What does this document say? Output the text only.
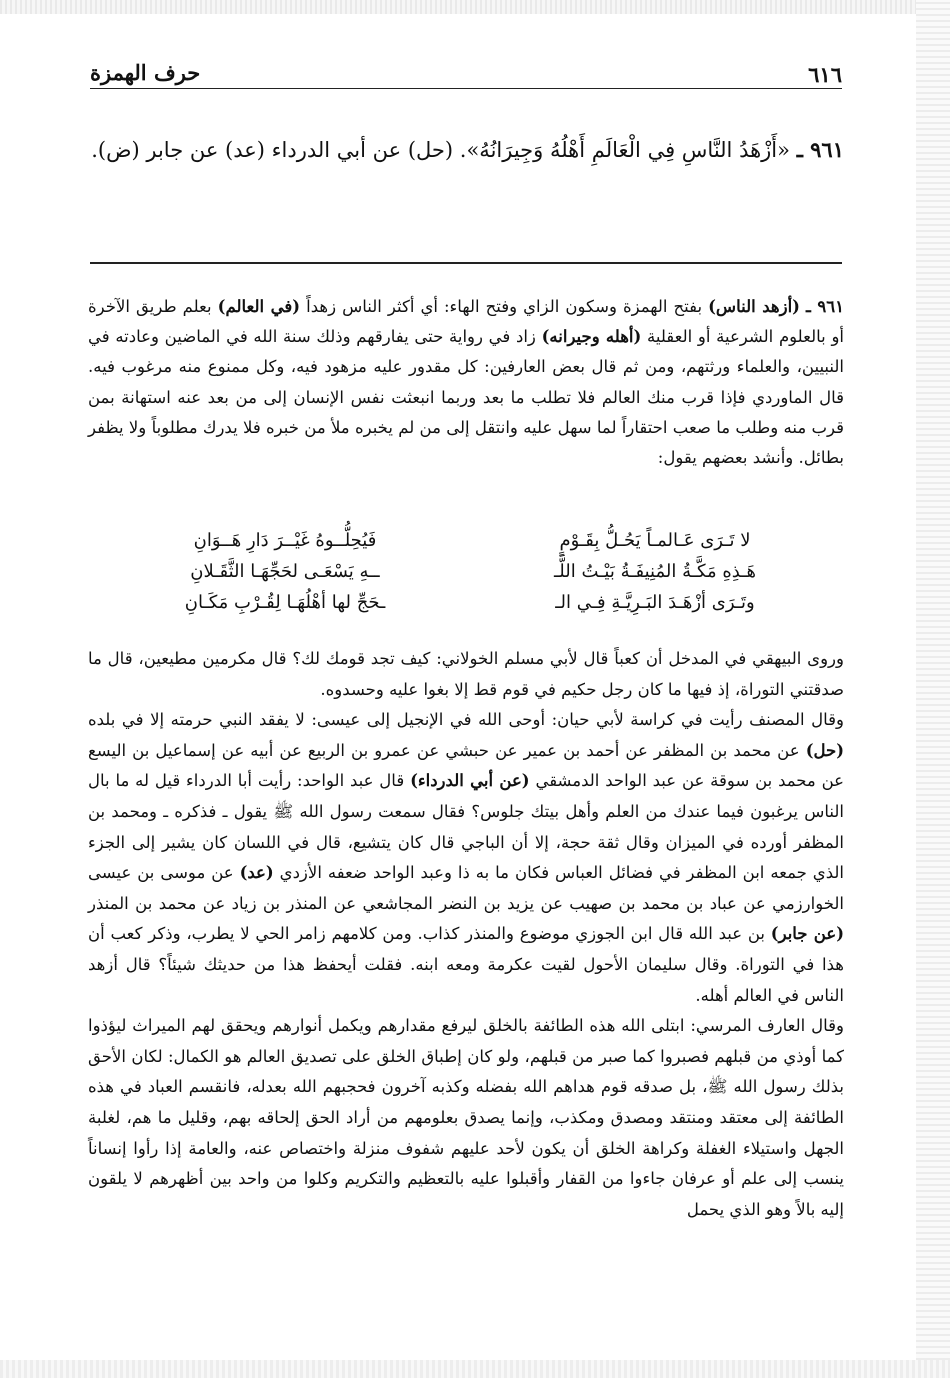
٦١٦
حرف الهمزة
٩٦١ ـ «أَزْهَدُ النَّاسِ فِي الْعَالَمِ أَهْلُهُ وَجِيرَانُهُ». (حل) عن أبي الدرداء (عد) عن جابر (ض).

٩٦١ ـ (أزهد الناس) بفتح الهمزة وسكون الزاي وفتح الهاء: أي أكثر الناس زهداً (في العالم) بعلم طريق الآخرة أو بالعلوم الشرعية أو العقلية (أهله وجيرانه) زاد في رواية حتى يفارقهم وذلك سنة الله في الماضين وعادته في النبيين، والعلماء ورثتهم، ومن ثم قال بعض العارفين: كل مقدور عليه مزهود فيه، وكل ممنوع منه مرغوب فيه. قال الماوردي فإذا قرب منك العالم فلا تطلب ما بعد وربما انبعثت نفس الإنسان إلى من بعد عنه استهانة بمن قرب منه وطلب ما صعب احتقاراً لما سهل عليه وانتقل إلى من لم يخبره ملأ من خبره فلا يدرك مطلوباً ولا يظفر بطائل. وأنشد بعضهم يقول:

لا تَـرَى عَـالمـاً يَحُـلُّ بِقَـوْمٍ
فَيُحِلُّــوهُ غَيْــرَ دَارِ هَــوَانِ
هَـذِهِ مَكَّـةُ المُنِيفَـةُ بَيْـتُ اللَّـ
ــهِ يَسْعَـى لحَجِّهَـا الثَّقَـلانِ
وتَـرَى أزْهَـدَ البَـرِيَّـةِ فِـي الـ
ـحَجِّ لها أهْلُهَـا لِقُـرْبِ مَكَـانِ

وروى البيهقي في المدخل أن كعباً قال لأبي مسلم الخولاني: كيف تجد قومك لك؟ قال مكرمين مطيعين، قال ما صدقتني التوراة، إذ فيها ما كان رجل حكيم في قوم قط إلا بغوا عليه وحسدوه.

وقال المصنف رأيت في كراسة لأبي حيان: أوحى الله في الإنجيل إلى عيسى: لا يفقد النبي حرمته إلا في بلده (حل) عن محمد بن المظفر عن أحمد بن عمير عن حبشي عن عمرو بن الربيع عن أبيه عن إسماعيل بن اليسع عن محمد بن سوقة عن عبد الواحد الدمشقي (عن أبي الدرداء) قال عبد الواحد: رأيت أبا الدرداء قيل له ما بال الناس يرغبون فيما عندك من العلم وأهل بيتك جلوس؟ فقال سمعت رسول الله ﷺ يقول ـ فذكره ـ ومحمد بن المظفر أورده في الميزان وقال ثقة حجة، إلا أن الباجي قال كان يتشيع، قال في اللسان كان يشير إلى الجزء الذي جمعه ابن المظفر في فضائل العباس فكان ما به ذا وعبد الواحد ضعفه الأزدي (عد) عن موسى بن عيسى الخوارزمي عن عباد بن محمد بن صهيب عن يزيد بن النضر المجاشعي عن المنذر بن زياد عن محمد بن المنذر (عن جابر) بن عبد الله قال ابن الجوزي موضوع والمنذر كذاب. ومن كلامهم زامر الحي لا يطرب، وذكر كعب أن هذا في التوراة. وقال سليمان الأحول لقيت عكرمة ومعه ابنه. فقلت أيحفظ هذا من حديثك شيئاً؟ قال أزهد الناس في العالم أهله.

وقال العارف المرسي: ابتلى الله هذه الطائفة بالخلق ليرفع مقدارهم ويكمل أنوارهم ويحقق لهم الميراث ليؤذوا كما أوذي من قبلهم فصبروا كما صبر من قبلهم، ولو كان إطباق الخلق على تصديق العالم هو الكمال: لكان الأحق بذلك رسول الله ﷺ، بل صدقه قوم هداهم الله بفضله وكذبه آخرون فحجبهم الله بعدله، فانقسم العباد في هذه الطائفة إلى معتقد ومنتقد ومصدق ومكذب، وإنما يصدق بعلومهم من أراد الحق إلحاقه بهم، وقليل ما هم، لغلبة الجهل واستيلاء الغفلة وكراهة الخلق أن يكون لأحد عليهم شفوف منزلة واختصاص عنه، والعامة إذا رأوا إنساناً ينسب إلى علم أو عرفان جاءوا من القفار وأقبلوا عليه بالتعظيم والتكريم وكلوا من واحد بين أظهرهم لا يلقون إليه بالاً وهو الذي يحمل
